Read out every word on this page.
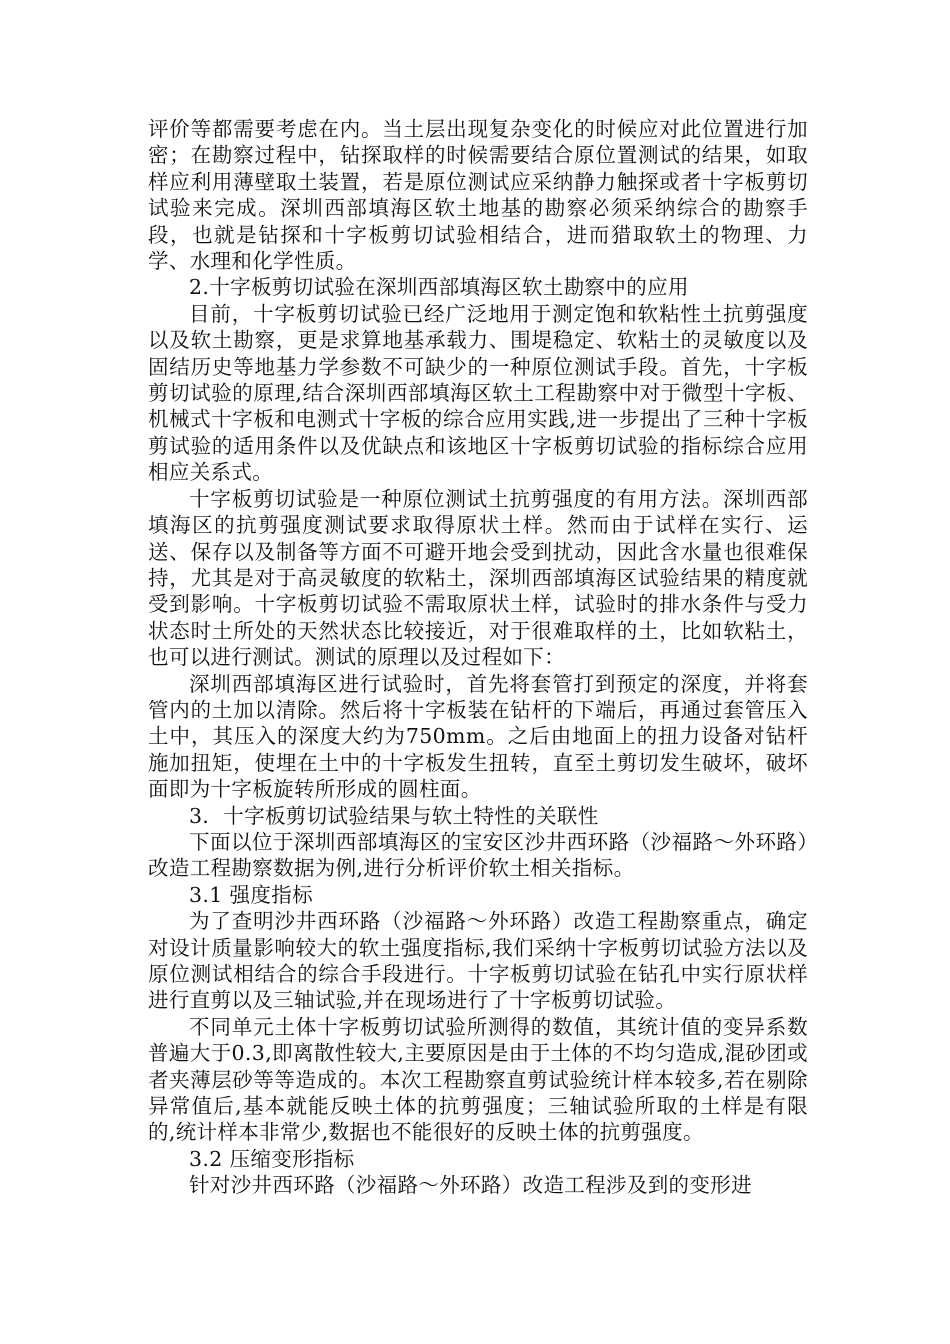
评价等都需要考虑在内。当土层出现复杂变化的时候应对此位置进行加密；在勘察过程中，钻探取样的时候需要结合原位置测试的结果，如取样应利用薄壁取土装置，若是原位测试应采纳静力触探或者十字板剪切试验来完成。深圳西部填海区软土地基的勘察必须采纳综合的勘察手段，也就是钻探和十字板剪切试验相结合，进而猎取软土的物理、力学、水理和化学性质。

2.十字板剪切试验在深圳西部填海区软土勘察中的应用

目前，十字板剪切试验已经广泛地用于测定饱和软粘性土抗剪强度以及软土勘察，更是求算地基承载力、围堤稳定、软粘土的灵敏度以及固结历史等地基力学参数不可缺少的一种原位测试手段。首先，十字板剪切试验的原理,结合深圳西部填海区软土工程勘察中对于微型十字板、机械式十字板和电测式十字板的综合应用实践,进一步提出了三种十字板剪试验的适用条件以及优缺点和该地区十字板剪切试验的指标综合应用相应关系式。

十字板剪切试验是一种原位测试土抗剪强度的有用方法。深圳西部填海区的抗剪强度测试要求取得原状土样。然而由于试样在实行、运送、保存以及制备等方面不可避开地会受到扰动，因此含水量也很难保持，尤其是对于高灵敏度的软粘土，深圳西部填海区试验结果的精度就受到影响。十字板剪切试验不需取原状土样，试验时的排水条件与受力状态时土所处的天然状态比较接近，对于很难取样的土，比如软粘土，也可以进行测试。测试的原理以及过程如下：

深圳西部填海区进行试验时，首先将套管打到预定的深度，并将套管内的土加以清除。然后将十字板装在钻杆的下端后，再通过套管压入土中，其压入的深度大约为750mm。之后由地面上的扭力设备对钻杆施加扭矩，使埋在土中的十字板发生扭转，直至土剪切发生破坏，破坏面即为十字板旋转所形成的圆柱面。

3．十字板剪切试验结果与软土特性的关联性

下面以位于深圳西部填海区的宝安区沙井西环路（沙福路～外环路）改造工程勘察数据为例,进行分析评价软土相关指标。

3.1 强度指标

为了查明沙井西环路（沙福路～外环路）改造工程勘察重点，确定对设计质量影响较大的软土强度指标,我们采纳十字板剪切试验方法以及原位测试相结合的综合手段进行。十字板剪切试验在钻孔中实行原状样进行直剪以及三轴试验,并在现场进行了十字板剪切试验。

不同单元土体十字板剪切试验所测得的数值，其统计值的变异系数普遍大于0.3,即离散性较大,主要原因是由于土体的不均匀造成,混砂团或者夹薄层砂等等造成的。本次工程勘察直剪试验统计样本较多,若在剔除异常值后,基本就能反映土体的抗剪强度；三轴试验所取的土样是有限的,统计样本非常少,数据也不能很好的反映土体的抗剪强度。

3.2 压缩变形指标

针对沙井西环路（沙福路～外环路）改造工程涉及到的变形进
